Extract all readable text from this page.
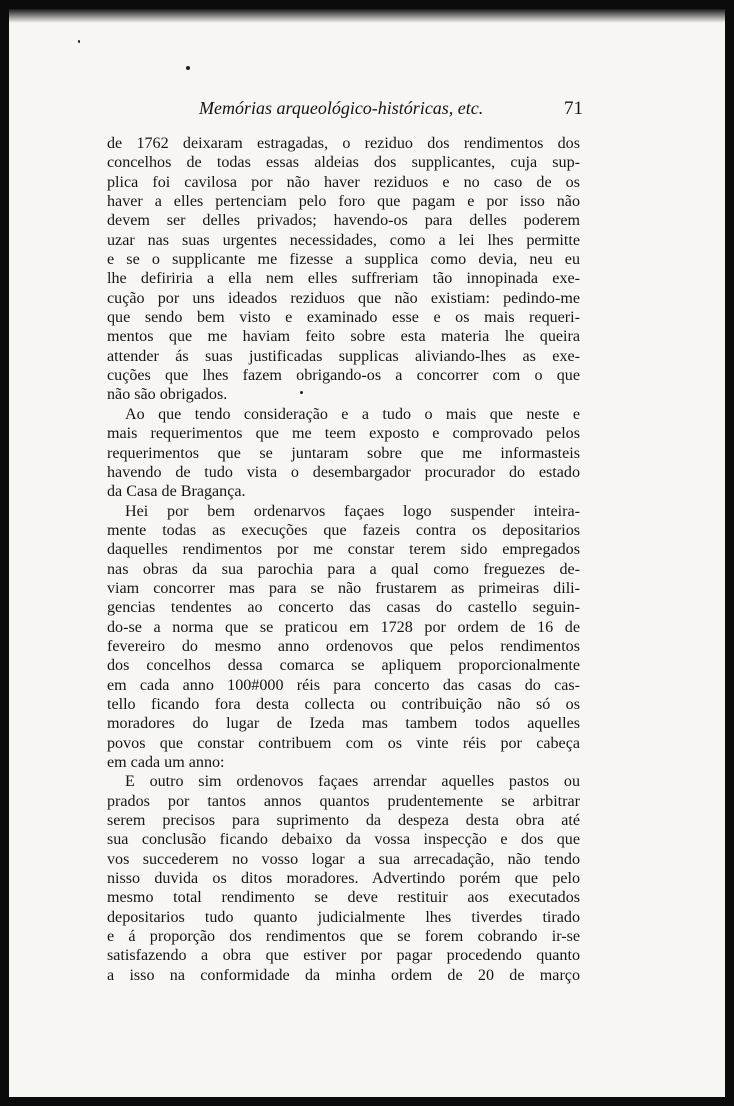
Memórias arqueológico-históricas, etc.	71
de 1762 deixaram estragadas, o reziduo dos rendimentos dos
concelhos de todas essas aldeias dos supplicantes, cuja sup-
plica foi cavilosa por não haver reziduos e no caso de os
haver a elles pertenciam pelo foro que pagam e por isso não
devem ser delles privados; havendo-os para delles poderem
uzar nas suas urgentes necessidades, como a lei lhes permitte
e se o supplicante me fizesse a supplica como devia, neu eu
lhe defiriria a ella nem elles suffreriam tão innopinada exe-
cução por uns ideados reziduos que não existiam: pedindo-me
que sendo bem visto e examinado esse e os mais requeri-
mentos que me haviam feito sobre esta materia lhe queira
attender ás suas justificadas supplicas aliviando-lhes as exe-
cuções que lhes fazem obrigando-os a concorrer com o que
não são obrigados.
Ao que tendo consideração e a tudo o mais que neste e
mais requerimentos que me teem exposto e comprovado pelos
requerimentos que se juntaram sobre que me informasteis
havendo de tudo vista o desembargador procurador do estado
da Casa de Bragança.
Hei por bem ordenarvos façaes logo suspender inteira-
mente todas as execuções que fazeis contra os depositarios
daquelles rendimentos por me constar terem sido empregados
nas obras da sua parochia para a qual como freguezes de-
viam concorrer mas para se não frustarem as primeiras dili-
gencias tendentes ao concerto das casas do castello seguin-
do-se a norma que se praticou em 1728 por ordem de 16 de
fevereiro do mesmo anno ordenovos que pelos rendimentos
dos concelhos dessa comarca se apliquem proporcionalmente
em cada anno 100#000 réis para concerto das casas do cas-
tello ficando fora desta collecta ou contribuição não só os
moradores do lugar de Izeda mas tambem todos aquelles
povos que constar contribuem com os vinte réis por cabeça
em cada um anno:
E outro sim ordenovos façaes arrendar aquelles pastos ou
prados por tantos annos quantos prudentemente se arbitrar
serem precisos para suprimento da despeza desta obra até
sua conclusão ficando debaixo da vossa inspecção e dos que
vos succederem no vosso logar a sua arrecadação, não tendo
nisso duvida os ditos moradores. Advertindo porém que pelo
mesmo total rendimento se deve restituir aos executados
depositarios tudo quanto judicialmente lhes tiverdes tirado
e á proporção dos rendimentos que se forem cobrando ir-se
satisfazendo a obra que estiver por pagar procedendo quanto
a isso na conformidade da minha ordem de 20 de março
